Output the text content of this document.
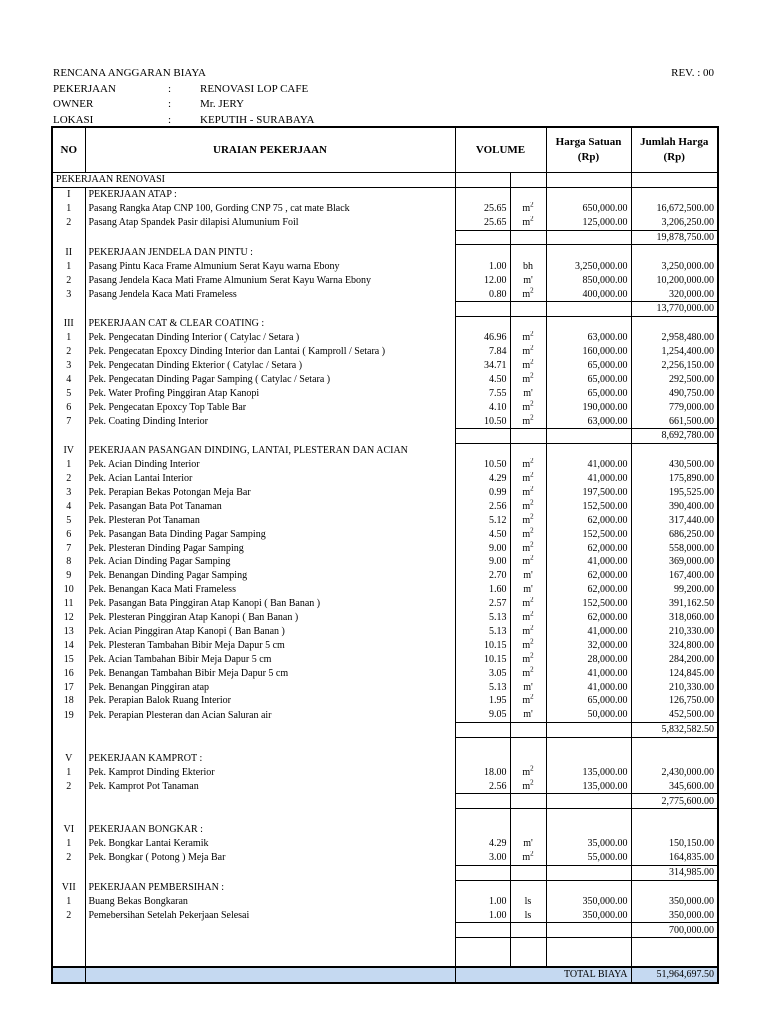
RENCANA ANGGARAN BIAYA	REV. : 00
PEKERJAAN	:	RENOVASI LOP CAFE
OWNER	:	Mr. JERY
LOKASI	:	KEPUTIH - SURABAYA
NO	URAIAN PEKERJAAN	VOLUME		Harga Satuan (Rp)	Jumlah Harga (Rp)
PEKERJAAN RENOVASI					
I	PEKERJAAN ATAP :				
1	Pasang Rangka Atap CNP 100, Gording CNP 75 , cat mate Black	25.65	$m^2$	650,000.00	16,672,500.00
2	Pasang Atap Spandek Pasir dilapisi Alumunium Foil	25.65	$m^2$	125,000.00	3,206,250.00
					19,878,750.00
II	PEKERJAAN JENDELA DAN PINTU :				
1	Pasang Pintu Kaca Frame Almunium Serat Kayu warna Ebony	1.00	bh	3,250,000.00	3,250,000.00
2	Pasang Jendela Kaca Mati Frame Almunium Serat Kayu Warna Ebony	12.00	m'	850,000.00	10,200,000.00
3	Pasang Jendela Kaca Mati Frameless	0.80	$m^2$	400,000.00	320,000.00
					13,770,000.00
III	PEKERJAAN CAT & CLEAR COATING :				
1	Pek. Pengecatan Dinding Interior ( Catylac / Setara )	46.96	$m^2$	63,000.00	2,958,480.00
2	Pek. Pengecatan Epoxcy Dinding Interior dan Lantai ( Kamproll / Setara )	7.84	$m^2$	160,000.00	1,254,400.00
3	Pek. Pengecatan Dinding Ekterior ( Catylac / Setara )	34.71	$m^2$	65,000.00	2,256,150.00
4	Pek. Pengecatan Dinding Pagar Samping ( Catylac / Setara )	4.50	$m^2$	65,000.00	292,500.00
5	Pek. Water Profing Pinggiran Atap Kanopi	7.55	m'	65,000.00	490,750.00
6	Pek. Pengecatan Epoxcy Top Table Bar	4.10	$m^2$	190,000.00	779,000.00
7	Pek. Coating Dinding Interior	10.50	$m^2$	63,000.00	661,500.00
					8,692,780.00
IV	PEKERJAAN PASANGAN DINDING, LANTAI, PLESTERAN DAN ACIAN				
1	Pek. Acian Dinding Interior	10.50	$m^2$	41,000.00	430,500.00
2	Pek. Acian Lantai Interior	4.29	$m^2$	41,000.00	175,890.00
3	Pek. Perapian Bekas Potongan Meja Bar	0.99	$m^2$	197,500.00	195,525.00
4	Pek. Pasangan Bata Pot Tanaman	2.56	$m^2$	152,500.00	390,400.00
5	Pek. Plesteran Pot Tanaman	5.12	$m^2$	62,000.00	317,440.00
6	Pek. Pasangan Bata Dinding Pagar Samping	4.50	$m^2$	152,500.00	686,250.00
7	Pek. Plesteran Dinding Pagar Samping	9.00	$m^2$	62,000.00	558,000.00
8	Pek. Acian Dinding Pagar Samping	9.00	$m^2$	41,000.00	369,000.00
9	Pek. Benangan Dinding Pagar Samping	2.70	m'	62,000.00	167,400.00
10	Pek. Benangan Kaca Mati Frameless	1.60	m'	62,000.00	99,200.00
11	Pek. Pasangan Bata Pinggiran Atap Kanopi ( Ban Banan )	2.57	$m^2$	152,500.00	391,162.50
12	Pek. Plesteran Pinggiran Atap Kanopi ( Ban Banan )	5.13	$m^2$	62,000.00	318,060.00
13	Pek. Acian Pinggiran Atap Kanopi ( Ban Banan )	5.13	$m^2$	41,000.00	210,330.00
14	Pek. Plesteran Tambahan Bibir Meja Dapur 5 cm	10.15	$m^2$	32,000.00	324,800.00
15	Pek. Acian Tambahan Bibir Meja Dapur 5 cm	10.15	$m^2$	28,000.00	284,200.00
16	Pek. Benangan Tambahan Bibir Meja Dapur 5 cm	3.05	$m^2$	41,000.00	124,845.00
17	Pek. Benangan Pinggiran atap	5.13	m'	41,000.00	210,330.00
18	Pek. Perapian Balok Ruang Interior	1.95	$m^2$	65,000.00	126,750.00
19	Pek. Perapian Plesteran dan Acian Saluran air	9.05	m'	50,000.00	452,500.00
					5,832,582.50

V	PEKERJAAN KAMPROT :				
1	Pek. Kamprot Dinding Ekterior	18.00	$m^2$	135,000.00	2,430,000.00
2	Pek. Kamprot Pot Tanaman	2.56	$m^2$	135,000.00	345,600.00
					2,775,600.00

VI	PEKERJAAN BONGKAR :				
1	Pek. Bongkar Lantai Keramik	4.29	m'	35,000.00	150,150.00
2	Pek. Bongkar ( Potong ) Meja Bar	3.00	$m^2$	55,000.00	164,835.00
					314,985.00
VII	PEKERJAAN PEMBERSIHAN :				
1	Buang Bekas Bongkaran	1.00	ls	350,000.00	350,000.00
2	Pemebersihan Setelah Pekerjaan Selesai	1.00	ls	350,000.00	350,000.00
					700,000.00

		TOTAL BIAYA			51,964,697.50
